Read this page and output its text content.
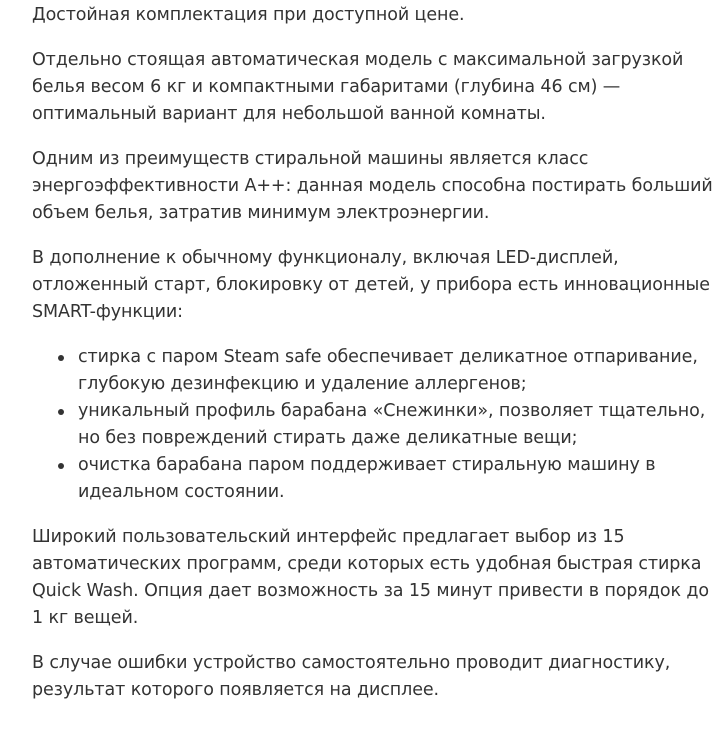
Достойная комплектация при доступной цене.

Отдельно стоящая автоматическая модель с максимальной загрузкой белья весом 6 кг и компактными габаритами (глубина 46 см) — оптимальный вариант для небольшой ванной комнаты.

Одним из преимуществ стиральной машины является класс энергоэффективности А++: данная модель способна постирать больший объем белья, затратив минимум электроэнергии.

В дополнение к обычному функционалу, включая LED-дисплей, отложенный старт, блокировку от детей, у прибора есть инновационные SMART-функции:

стирка с паром Steam safe обеспечивает деликатное отпаривание, глубокую дезинфекцию и удаление аллергенов;
уникальный профиль барабана «Снежинки», позволяет тщательно, но без повреждений стирать даже деликатные вещи;
очистка барабана паром поддерживает стиральную машину в идеальном состоянии.

Широкий пользовательский интерфейс предлагает выбор из 15 автоматических программ, среди которых есть удобная быстрая стирка Quick Wash. Опция дает возможность за 15 минут привести в порядок до 1 кг вещей.

В случае ошибки устройство самостоятельно проводит диагностику, результат которого появляется на дисплее.
